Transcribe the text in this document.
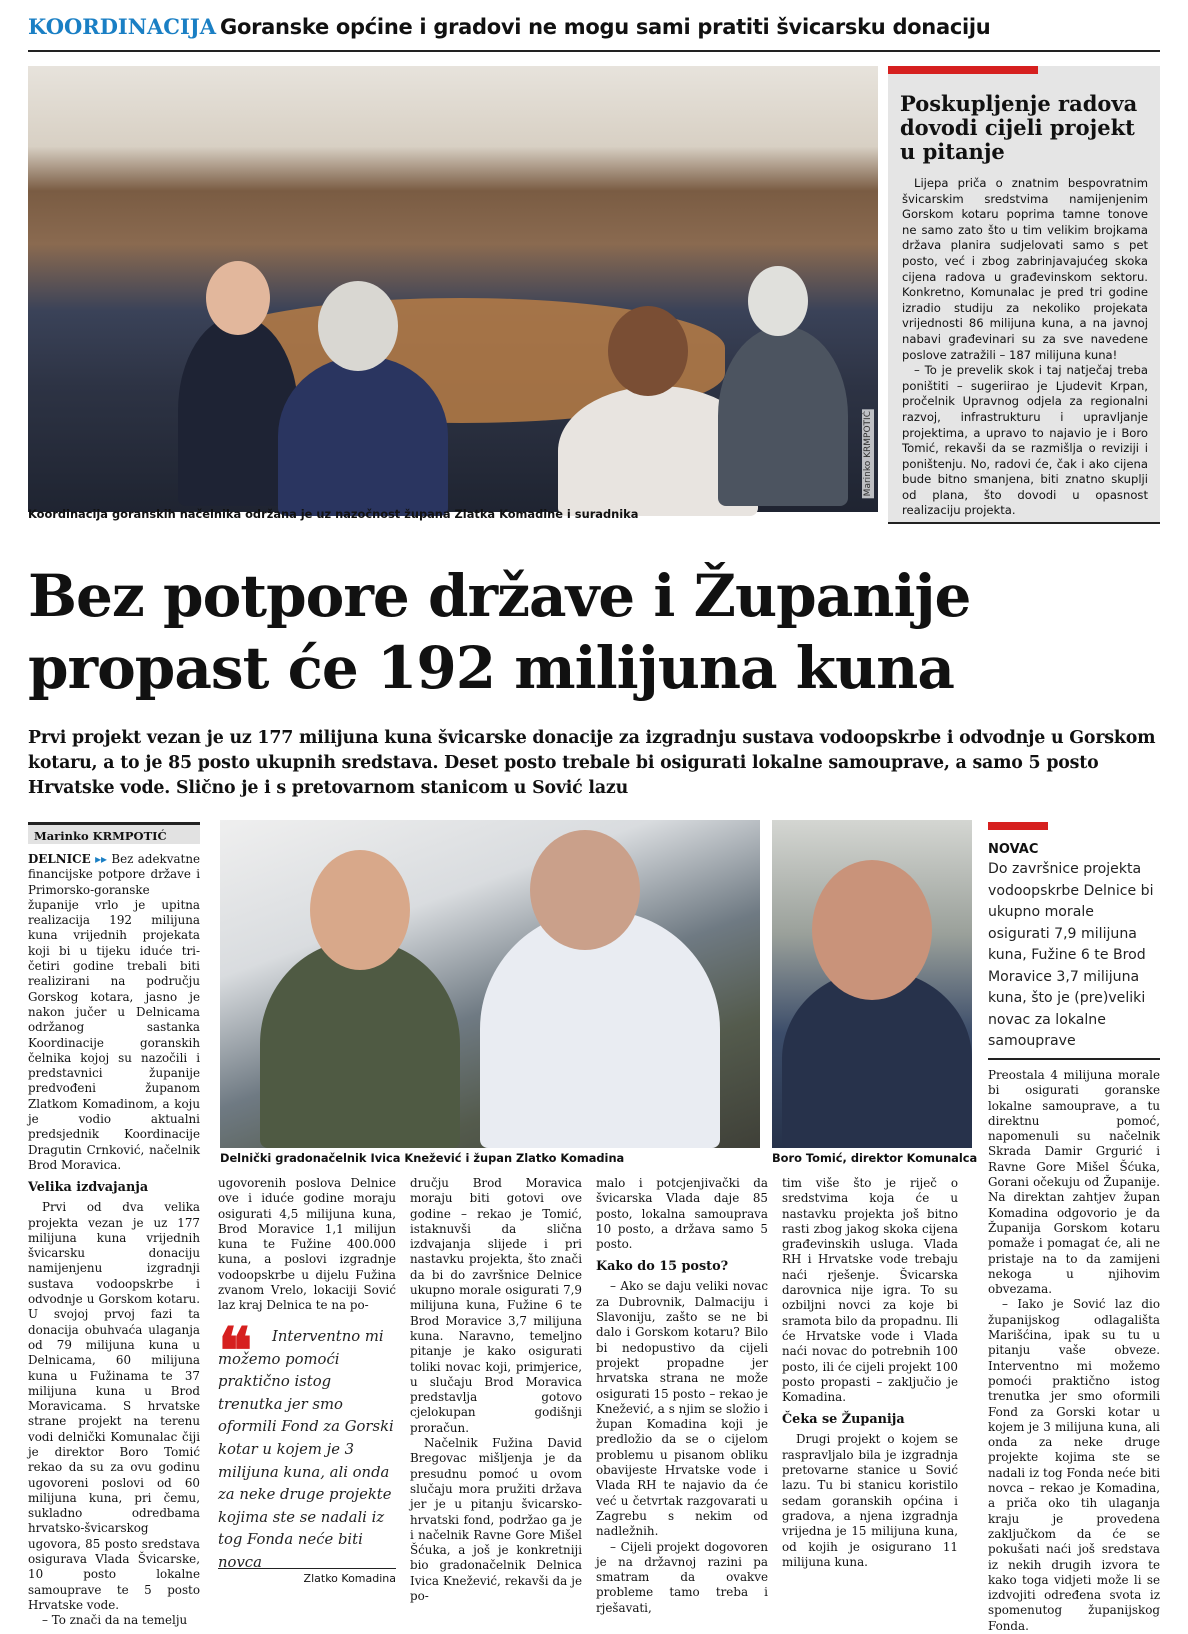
KOORDINACIJA Goranske općine i gradovi ne mogu sami pratiti švicarsku donaciju
Marinko KRMPOTIĆ
Koordinacija goranskih načelnika održana je uz nazočnost župana Zlatka Komadine i suradnika
Poskupljenje radova dovodi cijeli projekt u pitanje

Lijepa priča o znatnim bespovratnim švicarskim sredstvima namijenjenim Gorskom kotaru poprima tamne tonove ne samo zato što u tim velikim brojkama država planira sudjelovati samo s pet posto, već i zbog zabrinjavajućeg skoka cijena radova u građevinskom sektoru. Konkretno, Komunalac je pred tri godine izradio studiju za nekoliko projekata vrijednosti 86 milijuna kuna, a na javnoj nabavi građevinari su za sve navedene poslove zatražili – 187 milijuna kuna!

– To je prevelik skok i taj natječaj treba poništiti – sugeriirao je Ljudevit Krpan, pročelnik Upravnog odjela za regionalni razvoj, infrastrukturu i upravljanje projektima, a upravo to najavio je i Boro Tomić, rekavši da se razmišlja o reviziji i poništenju. No, radovi će, čak i ako cijena bude bitno smanjena, biti znatno skuplji od plana, što dovodi u opasnost realizaciju projekta.

Bez potpore države i Županije
propast će 192 milijuna kuna
Prvi projekt vezan je uz 177 milijuna kuna švicarske donacije za izgradnju sustava vodoopskrbe i odvodnje u Gorskom kotaru, a to je 85 posto ukupnih sredstava. Deset posto trebale bi osigurati lokalne samouprave, a samo 5 posto Hrvatske vode. Slično je i s pretovarnom stanicom u Sović lazu
Marinko KRMPOTIĆ

DELNICE ▸▸ Bez adekvatne financijske potpore države i Primorsko-goranske županije vrlo je upitna realizacija 192 milijuna kuna vrijednih projekata koji bi u tijeku iduće tri-četiri godine trebali biti realizirani na području Gorskog kotara, jasno je nakon jučer u Delnicama održanog sastanka Koordinacije goranskih čelnika kojoj su nazočili i predstavnici županije predvođeni županom Zlatkom Komadinom, a koju je vodio aktualni predsjednik Koordinacije Dragutin Crnković, načelnik Brod Moravica.

Velika izdvajanja

Prvi od dva velika projekta vezan je uz 177 milijuna kuna vrijednih švicarsku donaciju namijenjenu izgradnji sustava vodoopskrbe i odvodnje u Gorskom kotaru. U svojoj prvoj fazi ta donacija obuhvaća ulaganja od 79 milijuna kuna u Delnicama, 60 milijuna kuna u Fužinama te 37 milijuna kuna u Brod Moravicama. S hrvatske strane projekt na terenu vodi delnički Komunalac čiji je direktor Boro Tomić rekao da su za ovu godinu ugovoreni poslovi od 60 milijuna kuna, pri čemu, sukladno odredbama hrvatsko-švicarskog ugovora, 85 posto sredstava osigurava Vlada Švicarske, 10 posto lokalne samouprave te 5 posto Hrvatske vode.

– To znači da na temelju

Delnički gradonačelnik Ivica Knežević i župan Zlatko Komadina	Boro Tomić, direktor Komunalca

ugovorenih poslova Delnice ove i iduće godine moraju osigurati 4,5 milijuna kuna, Brod Moravice 1,1 milijun kuna te Fužine 400.000 kuna, a poslovi izgradnje vodoopskrbe u dijelu Fužina zvanom Vrelo, lokaciji Sović laz kraj Delnica te na po-

❝	Interventno mi možemo pomoći praktično istog trenutka jer smo oformili Fond za Gorski kotar u kojem je 3 milijuna kuna, ali onda za neke druge projekte kojima ste se nadali iz tog Fonda neće biti novca

Zlatko Komadina

dručju Brod Moravica moraju biti gotovi ove godine – rekao je Tomić, istaknuvši da slična izdvajanja slijede i pri nastavku projekta, što znači da bi do završnice Delnice ukupno morale osigurati 7,9 milijuna kuna, Fužine 6 te Brod Moravice 3,7 milijuna kuna. Naravno, temeljno pitanje je kako osigurati toliki novac koji, primjerice, u slučaju Brod Moravica predstavlja gotovo cjelokupan godišnji proračun.

Načelnik Fužina David Bregovac mišljenja je da presudnu pomoć u ovom slučaju mora pružiti država jer je u pitanju švicarsko-hrvatski fond, podržao ga je i načelnik Ravne Gore Mišel Šćuka, a još je konkretniji bio gradonačelnik Delnica Ivica Knežević, rekavši da je po-

malo i potcjenjivački da švicarska Vlada daje 85 posto, lokalna samouprava 10 posto, a država samo 5 posto.

Kako do 15 posto?

– Ako se daju veliki novac za Dubrovnik, Dalmaciju i Slavoniju, zašto se ne bi dalo i Gorskom kotaru? Bilo bi nedopustivo da cijeli projekt propadne jer hrvatska strana ne može osigurati 15 posto – rekao je Knežević, a s njim se složio i župan Komadina koji je predložio da se o cijelom problemu u pisanom obliku obavijeste Hrvatske vode i Vlada RH te najavio da će već u četvrtak razgovarati u Zagrebu s nekim od nadležnih.

– Cijeli projekt dogovoren je na državnoj razini pa smatram da ovakve probleme tamo treba i rješavati,

tim više što je riječ o sredstvima koja će u nastavku projekta još bitno rasti zbog jakog skoka cijena građevinskih usluga. Vlada RH i Hrvatske vode trebaju naći rješenje. Švicarska darovnica nije igra. To su ozbiljni novci za koje bi sramota bilo da propadnu. Ili će Hrvatske vode i Vlada naći novac do potrebnih 100 posto, ili će cijeli projekt 100 posto propasti – zaključio je Komadina.

Čeka se Županija

Drugi projekt o kojem se raspravljalo bila je izgradnja pretovarne stanice u Sović lazu. Tu bi stanicu koristilo sedam goranskih općina i gradova, a njena izgradnja vrijedna je 15 milijuna kuna, od kojih je osigurano 11 milijuna kuna.

NOVAC
Do završnice projekta vodoopskrbe Delnice bi ukupno morale osigurati 7,9 milijuna kuna, Fužine 6 te Brod Moravice 3,7 milijuna kuna, što je (pre)veliki novac za lokalne samouprave

Preostala 4 milijuna morale bi osigurati goranske lokalne samouprave, a tu direktnu pomoć, napomenuli su načelnik Skrada Damir Grgurić i Ravne Gore Mišel Šćuka, Gorani očekuju od Županije. Na direktan zahtjev župan Komadina odgovorio je da Županija Gorskom kotaru pomaže i pomagat će, ali ne pristaje na to da zamijeni nekoga u njihovim obvezama.

– Iako je Sović laz dio županijskog odlagališta Marišćina, ipak su tu u pitanju vaše obveze. Interventno mi možemo pomoći praktično istog trenutka jer smo oformili Fond za Gorski kotar u kojem je 3 milijuna kuna, ali onda za neke druge projekte kojima ste se nadali iz tog Fonda neće biti novca – rekao je Komadina, a priča oko tih ulaganja kraju je provedena zaključkom da će se pokušati naći još sredstava iz nekih drugih izvora te kako toga vidjeti može li se izdvojiti određena svota iz spomenutog županijskog Fonda.
